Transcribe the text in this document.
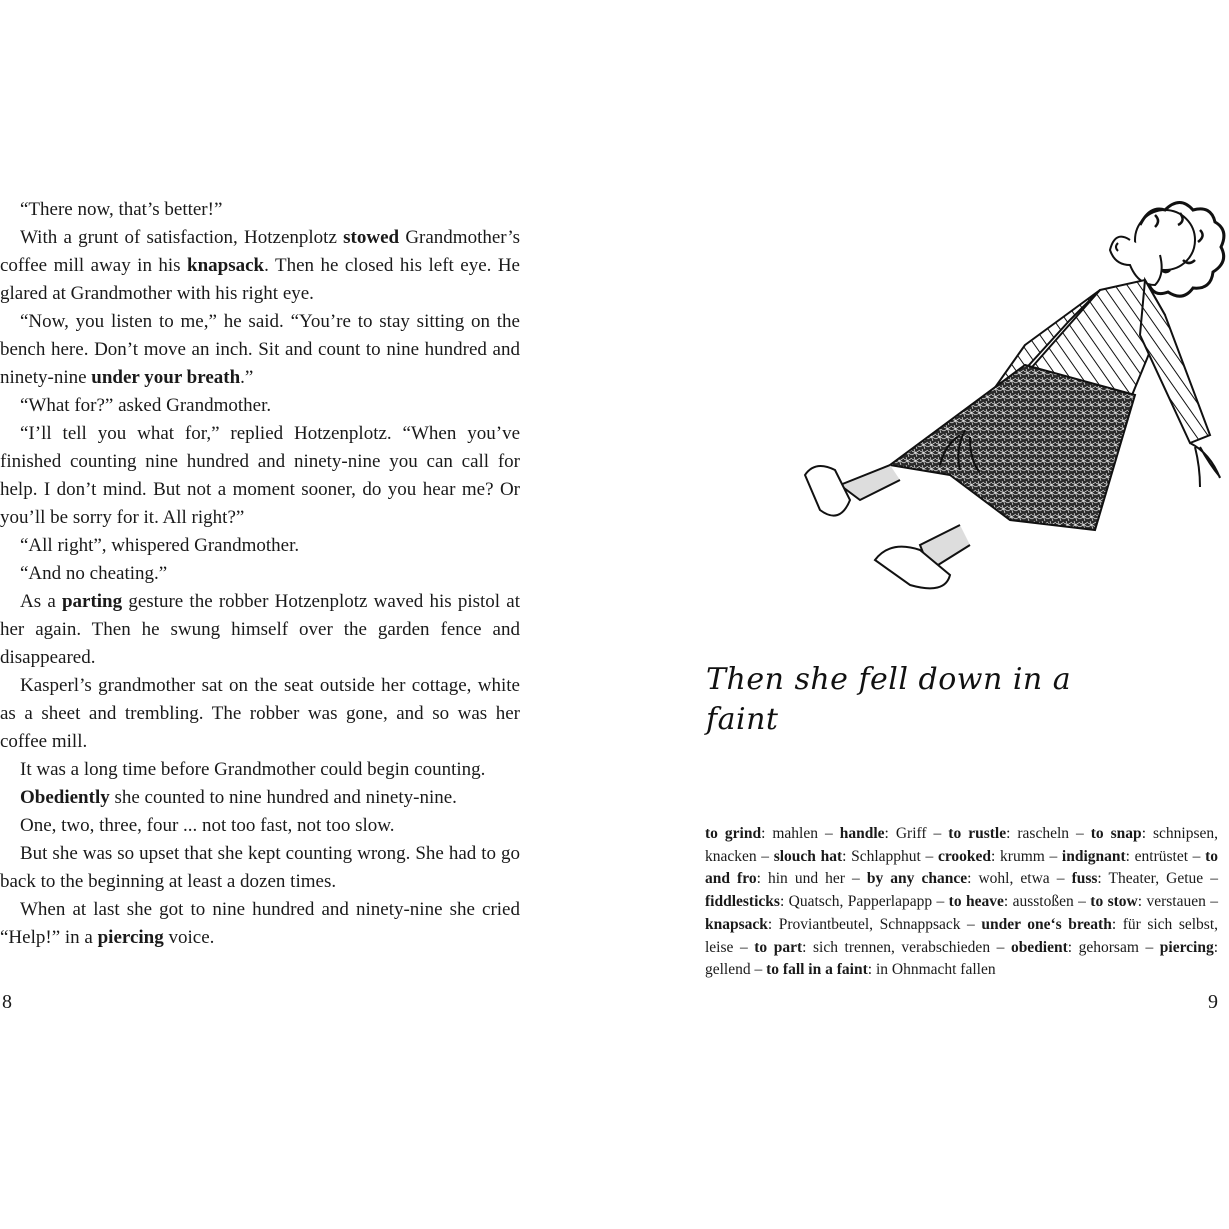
“There now, that’s better!”

With a grunt of satisfaction, Hotzenplotz stowed Grandmother’s coffee mill away in his knapsack. Then he closed his left eye. He glared at Grandmother with his right eye.

“Now, you listen to me,” he said. “You’re to stay sitting on the bench here. Don’t move an inch. Sit and count to nine hundred and ninety-nine under your breath.”

“What for?” asked Grandmother.

“I’ll tell you what for,” replied Hotzenplotz. “When you’ve finished counting nine hundred and ninety-nine you can call for help. I don’t mind. But not a moment sooner, do you hear me? Or you’ll be sorry for it. All right?”

“All right”, whispered Grandmother.

“And no cheating.”

As a parting gesture the robber Hotzenplotz waved his pistol at her again. Then he swung himself over the garden fence and disappeared.

Kasperl’s grandmother sat on the seat outside her cottage, white as a sheet and trembling. The robber was gone, and so was her coffee mill.

It was a long time before Grandmother could begin counting.

Obediently she counted to nine hundred and ninety-nine.

One, two, three, four ... not too fast, not too slow.

But she was so upset that she kept counting wrong. She had to go back to the beginning at least a dozen times.

When at last she got to nine hundred and ninety-nine she cried “Help!” in a piercing voice.

8
Then she fell down in a faint

to grind: mahlen – handle: Griff – to rustle: rascheln – to snap: schnipsen, knacken – slouch hat: Schlapphut – crooked: krumm – indignant: entrüstet – to and fro: hin und her – by any chance: wohl, etwa – fuss: Theater, Getue – fiddlesticks: Quatsch, Papperlapapp – to heave: ausstoßen – to stow: verstauen – knapsack: Proviantbeutel, Schnappsack – under one‘s breath: für sich selbst, leise – to part: sich trennen, verabschieden – obedient: gehorsam – piercing: gellend – to fall in a faint: in Ohnmacht fallen

9
